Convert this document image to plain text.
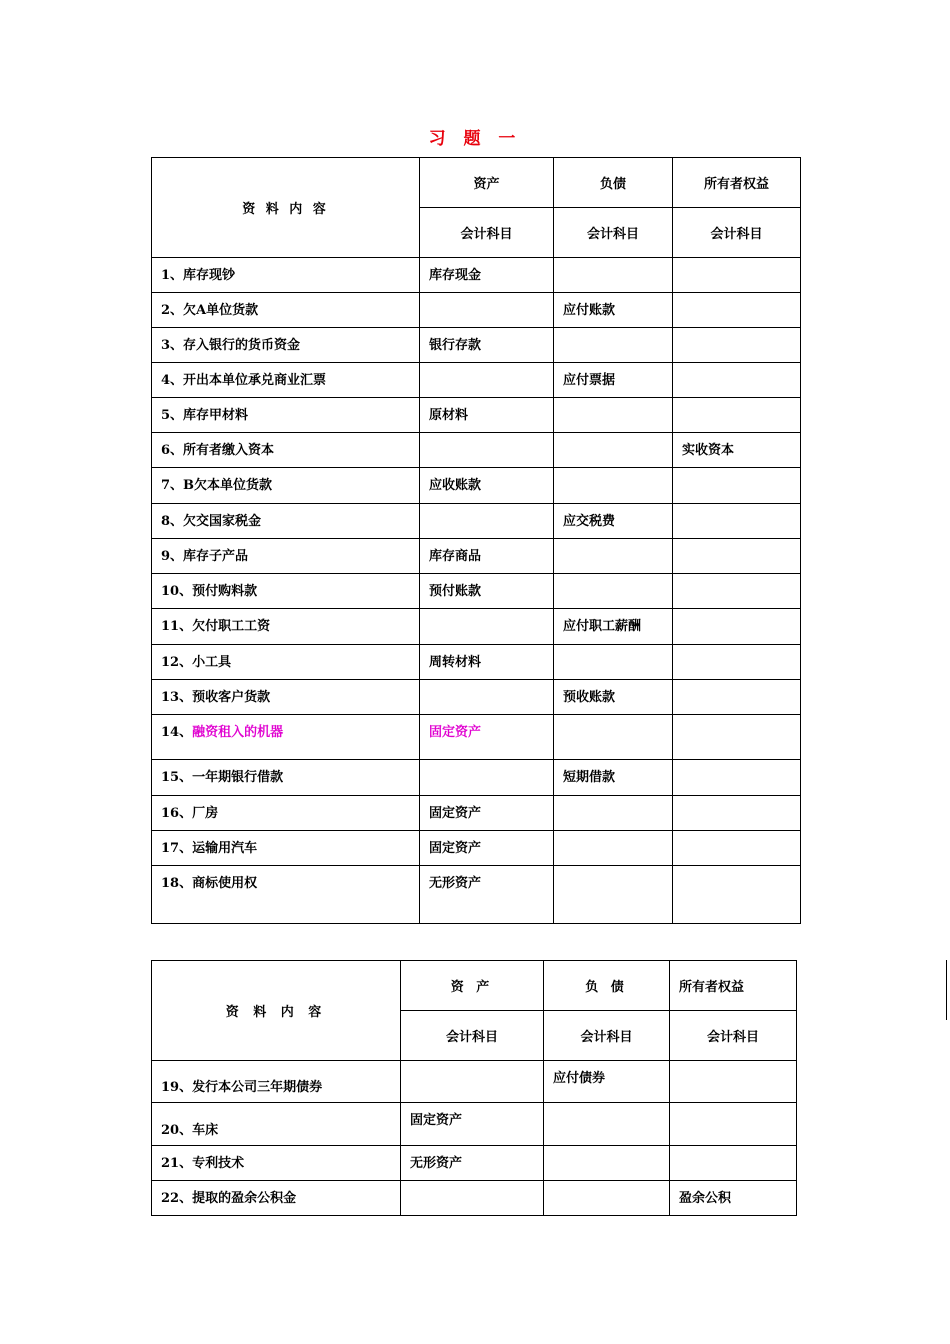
习 题 一
资 料 内 容	资产	负债	所有者权益
	会计科目	会计科目	会计科目
1、库存现钞	库存现金		
2、欠A单位货款		应付账款	
3、存入银行的货币资金	银行存款		
4、开出本单位承兑商业汇票		应付票据	
5、库存甲材料	原材料		
6、所有者缴入资本			实收资本
7、B欠本单位货款	应收账款		
8、欠交国家税金		应交税费	
9、库存子产品	库存商品		
10、预付购料款	预付账款		
11、欠付职工工资		应付职工薪酬	
12、小工具	周转材料		
13、预收客户货款		预收账款	
14、融资租入的机器	固定资产		
15、一年期银行借款		短期借款	
16、厂房	固定资产		
17、运输用汽车	固定资产		
18、商标使用权	无形资产		
资 料 内 容	资 产	负 债	所有者权益
	会计科目	会计科目	会计科目
19、发行本公司三年期债券		应付债券	
20、车床	固定资产		
21、专利技术	无形资产		
22、提取的盈余公积金			盈余公积
